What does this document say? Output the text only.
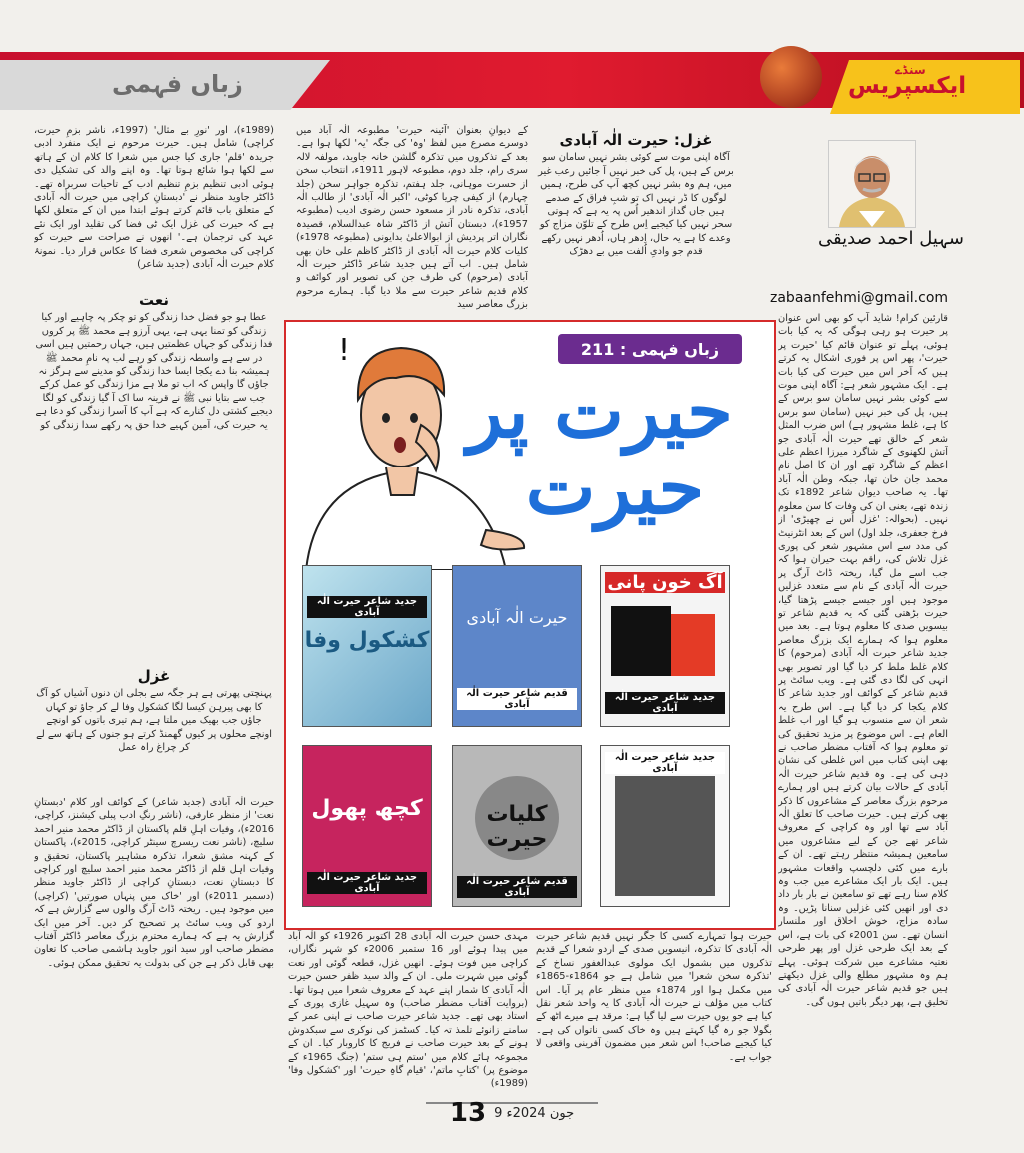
زباں فہمی	سنڈے
ایکسپریس
سہیل احمد صدیقی
zabaanfehmi@gmail.com
قارئین کرام! شاید آپ کو بھی اس عنوان پر حیرت ہو رہی ہوگی کہ یہ کیا بات ہوئی، پہلے تو عنوان قائم کیا 'حیرت پر حیرت'، پھر اس پر فوری اشکال یہ کرتے ہیں کہ آخر اس میں حیرت کی کیا بات ہے۔ ایک مشہور شعر ہے: آگاہ اپنی موت سے کوئی بشر نہیں سامان سو برس کے ہیں، پل کی خبر نہیں (سامان سو برس کا ہے، غلط مشہور ہے) اس ضرب المثل شعر کے خالق تھے حیرت الٰہ آبادی جو آتش لکھنوی کے شاگرد میرزا اعظم علی اعظم کے شاگرد تھے اور ان کا اصل نام محمد جان خان تھا، جبکہ وطن الٰہ آباد تھا۔ یہ صاحب دیوان شاعر 1892ء تک زندہ تھے، یعنی ان کی وفات کا سن معلوم نہیں۔ (بحوالہ: 'غزل اُس نے چھیڑی' از فرخ جعفری، جلد اول) اس کے بعد انٹرنیٹ کی مدد سے اس مشہور شعر کی پوری غزل تلاش کی، راقم بہت حیران ہوا کہ جب اسے مل گیا، ریختہ ڈاٹ آرگ پر حیرت الٰہ آبادی کے نام سے متعدد غزلیں موجود ہیں اور جیسے جیسے پڑھتا گیا، حیرت بڑھتی گئی کہ یہ قدیم شاعر تو بیسویں صدی کا معلوم ہوتا ہے۔ بعد میں معلوم ہوا کہ ہمارے ایک بزرگ معاصر جدید شاعر حیرت الٰہ آبادی (مرحوم) کا کلام غلط ملط کر دیا گیا اور تصویر بھی انہی کی لگا دی گئی ہے۔ ویب سائٹ پر قدیم شاعر کے کوائف اور جدید شاعر کا کلام یکجا کر دیا گیا ہے۔ اس طرح یہ شعر ان سے منسوب ہو گیا اور اب غلط العام ہے۔ اس موضوع پر مزید تحقیق کی تو معلوم ہوا کہ آفتاب مضطر صاحب نے بھی اپنی کتاب میں اس غلطی کی نشان دہی کی ہے۔ وہ قدیم شاعر حیرت الٰہ آبادی کے حالات بیان کرتے ہیں اور ہمارے مرحوم بزرگ معاصر کے مشاعروں کا ذکر بھی کرتے ہیں۔ حیرت صاحب کا تعلق الٰہ آباد سے تھا اور وہ کراچی کے معروف شاعر تھے جن کے لیے مشاعروں میں سامعین ہمیشہ منتظر رہتے تھے۔ ان کے بارے میں کئی دلچسپ واقعات مشہور ہیں۔ ایک بار ایک مشاعرے میں جب وہ کلام سنا رہے تھے تو سامعین نے بار بار داد دی اور انھیں کئی غزلیں سنانا پڑیں۔ وہ سادہ مزاج، خوش اخلاق اور ملنسار انسان تھے۔ سن 2001ء کی بات ہے، اس کے بعد ایک طرحی غزل اور پھر طرحی نعتیہ مشاعرے میں شرکت ہوئی۔ پہلے ہم وہ مشہور مطلع والی غزل دیکھتے ہیں جو قدیم شاعر حیرت الٰہ آبادی کی تخلیق ہے، پھر دیگر باتیں ہوں گی۔
غزل: حیرت الٰہ آبادی
آگاہ اپنی موت سے کوئی بشر نہیں سامان سو برس کے ہیں، پل کی خبر نہیں آ جائیں رعب غیر میں، ہم وہ بشر نہیں کچھ آپ کی طرح، ہمیں لوگوں کا ڈر نہیں اک تو شبِ فراق کے صدمے ہیں جاں گداز اندھیر اُس پہ یہ ہے کہ ہوتی سحر نہیں کیا کیجیے اِس طرح کے تلوّن مزاج کو وعدے کا ہے یہ حال، اِدھر ہاں، اُدھر نہیں رکھے قدم جو وادیِ اُلفت میں بے دھڑک
کے دیوانِ بعنوان 'آئینہ حیرت' مطبوعہ الٰہ آباد میں دوسرے مصرع میں لفظ 'وہ' کی جگہ 'یہ' لکھا ہوا ہے۔ بعد کے تذکروں میں تذکرہ گلشن خانہ جاوید، مولفہ لالہ سری رام، جلد دوم، مطبوعہ لاہور 1911ء، انتخاب سخن از حسرت موہانی، جلد ہفتم، تذکرہ جواہر سخن (جلد چہارم) از کیفی چریا کوٹی، 'اکبر الٰہ آبادی' از طالب الٰہ آبادی، تذکرہ نادر از مسعود حسن رضوی ادیب (مطبوعہ 1957ء)، دبستان آتش از ڈاکٹر شاہ عبدالسلام، قصیدہ نگاران اتر پردیش از ابوالاعلیٰ بدایونی (مطبوعہ 1978ء) کلیات کلام حیرت الٰہ آبادی از ڈاکٹر کاظم علی خان بھی شامل ہیں۔ اب آتے ہیں جدید شاعر ڈاکٹر حیرت الٰہ آبادی (مرحوم) کی طرف جن کی تصویر اور کوائف و کلام قدیم شاعر حیرت سے ملا دیا گیا۔ ہمارے مرحوم بزرگ معاصر سید
(1989ء)، اور 'نورِ بے مثال' (1997ء، ناشر بزمِ حیرت، کراچی) شامل ہیں۔ حیرت مرحوم نے ایک منفرد ادبی جریدہ 'قلم' جاری کیا جس میں شعرا کا کلام ان کے ہاتھ سے لکھا ہوا شائع ہوتا تھا۔ وہ اپنے والد کی تشکیل دی ہوئی ادبی تنظیم بزمِ تنظیم ادب کے تاحیات سربراہ تھے۔ ڈاکٹر جاوید منظر نے 'دبستانِ کراچی میں حیرت الٰہ آبادی کے متعلق باب قائم کرتے ہوئے ابتدا میں ان کے متعلق لکھا ہے کہ حیرت کی غزل ایک ٹی فضا کی تقلید اور ایک نئے عہد کی ترجمان ہے۔' انھوں نے صراحت سے حیرت کو کراچی کی مخصوص شعری فضا کا عکاس قرار دیا۔ نمونۂ کلام حیرت الٰہ آبادی (جدید شاعر)
نعت
عطا ہو جو فضل خدا زندگی کو تو چکر پہ چاہیے اور کیا زندگی کو تمنا یہی ہے، یہی آرزو ہے محمد ﷺ پر کروں فدا زندگی کو جہاں عظمتیں ہیں، جہاں رحمتیں ہیں اسی در سے ہے واسطہ زندگی کو رہے لب پہ نامِ محمد ﷺ ہمیشہ بنا دے یکجا ایسا خدا زندگی کو مدینے سے ہرگز نہ جاؤں گا واپس کہ اب تو ملا ہے مزا زندگی کو عمل کرکے جب سے بتایا نبی ﷺ نے قرینہ سا اک آ گیا زندگی کو لگا دیجیے کشتی دل کنارے کہ ہے آپ کا آسرا زندگی کو دعا ہے یہ حیرت کی، آمین کہیے خدا حق پہ رکھے سدا زندگی کو
غزل
پہنچتی پھرتی ہے ہر جگہ سے بجلی ان دنوں آشیاں کو آگ کا بھی پیرہن کیسا لگا کشکول وفا لے کر جاؤ تو کہاں جاؤں جب بھیک میں ملتا ہے، ہم تیری باتوں کو اونچے اونچے محلوں پر کیوں گھمنڈ کرتے ہو جنوں کے ہاتھ سے لے کر چراغ راہ عمل
حیرت الٰہ آبادی (جدید شاعر) کے کوائف اور کلام 'دبستانِ نعت' از منظر عارفی، (ناشر رنگِ ادب پبلی کیشنز، کراچی، 2016ء)، وفیات اہلِ قلم پاکستان از ڈاکٹر محمد منیر احمد سلیچ، (ناشر نعت ریسرچ سینٹر کراچی، 2015ء)، پاکستان کے کہنہ مشق شعرا، تذکرہ مشاہیر پاکستان، تحقیق و وفیات اہل قلم از ڈاکٹر محمد منیر احمد سلیچ اور کراچی کا دبستانِ نعت، دبستانِ کراچی از ڈاکٹر جاوید منظر (دسمبر 2011ء) اور 'خاک میں پنہاں صورتیں' (کراچی) میں موجود ہیں۔ ریختہ ڈاٹ آرگ والوں سے گزارش ہے کہ اردو کی ویب سائٹ پر تصحیح کر دیں۔ آخر میں ایک گزارش یہ ہے کہ ہمارے محترم بزرگ معاصر ڈاکٹر آفتاب مضطر صاحب اور سید انور جاوید ہاشمی صاحب کا تعاون بھی قابل ذکر ہے جن کی بدولت یہ تحقیق ممکن ہوئی۔
زباں فہمی : 211
حیرت پر
حیرت
!
جدید شاعر حیرت الٰہ آبادی
کشکول وفا
حیرت الٰہ آبادی
قدیم شاعر حیرت الٰہ آبادی
آگ خون پانی
جدید شاعر حیرت الٰہ آبادی
کچھ پھول
جدید شاعر حیرت الٰہ آبادی
کلیات حیرت
قدیم شاعر حیرت الٰہ آبادی
جدید شاعر حیرت الٰہ آبادی
حیرت ہوا تمہارے کسی کا جگر نہیں قدیم شاعر حیرت الٰہ آبادی کا تذکرہ، انیسویں صدی کے اردو شعرا کے قدیم تذکروں میں بشمول ایک مولوی عبدالغفور نساخ کے 'تذکرہ سخن شعرا' میں شامل ہے جو 1864ء-1865ء میں مکمل ہوا اور 1874ء میں منظر عام پر آیا۔ اس کتاب میں مؤلف نے حیرت الٰہ آبادی کا یہ واحد شعر نقل کیا ہے جو یوں حیرت سے لیا گیا ہے: مرقد ہے میرے اٹھ کے بگولا جو رہ گیا کہتے ہیں وہ خاک کسی ناتواں کی ہے۔ کیا کیجیے صاحب! اس شعر میں مضمون آفرینی واقعی لا جواب ہے۔
مہدی حسن حیرت الٰہ آبادی 28 اکتوبر 1926ء کو الٰہ آباد میں پیدا ہوئے اور 16 ستمبر 2006ء کو شہر نگاراں، کراچی میں فوت ہوئے۔ انھیں غزل، قطعہ گوئی اور نعت گوئی میں شہرت ملی۔ ان کے والد سید ظفر حسن حیرت الٰہ آبادی کا شمار اپنے عہد کے معروف شعرا میں ہوتا تھا۔ (بروایت آفتاب مضطر صاحب) وہ سہیل غازی پوری کے استاد بھی تھے۔ جدید شاعر حیرت صاحب نے اپنی عمر کے سامنے زانوئے تلمذ تہ کیا۔ کسٹمز کی نوکری سے سبکدوش ہونے کے بعد حیرت صاحب نے فریج کا کاروبار کیا۔ ان کے مجموعہ ہائے کلام میں 'ستم ہی ستم' (جنگ 1965ء کے موضوع پر) 'کتابِ ماتم'، 'قیام گاہِ حیرت' اور 'کشکول وفا' (1989ء)
13 9 جون 2024ء
